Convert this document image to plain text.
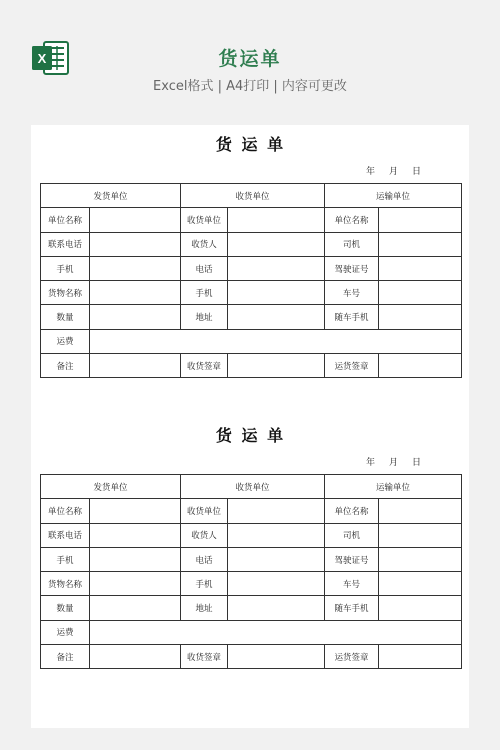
X	货运单
Excel格式 | A4打印 | 内容可更改
货 运 单
年 月 日
发货单位		收货单位		运输单位	
单位名称		收货单位		单位名称	
联系电话		收货人		司机	
手机		电话		驾驶证号	
货物名称		手机		车号	
数量		地址		随车手机	
运费					
备注		收货签章		运货签章	
货 运 单
年 月 日
发货单位		收货单位		运输单位	
单位名称		收货单位		单位名称	
联系电话		收货人		司机	
手机		电话		驾驶证号	
货物名称		手机		车号	
数量		地址		随车手机	
运费					
备注		收货签章		运货签章	
